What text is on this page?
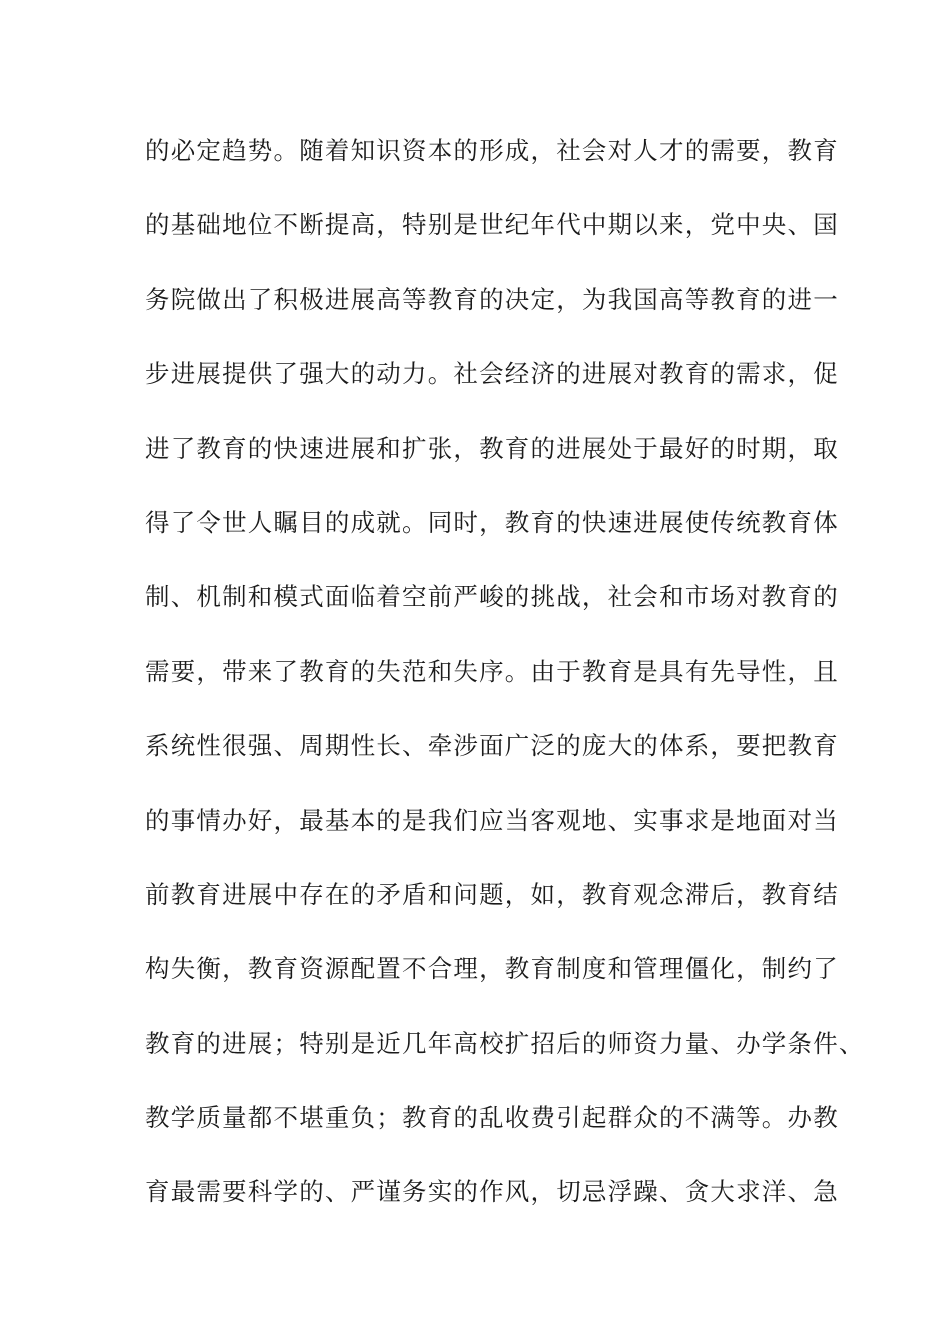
的必定趋势。随着知识资本的形成，社会对人才的需要，教育
的基础地位不断提高，特别是世纪年代中期以来，党中央、国
务院做出了积极进展高等教育的决定，为我国高等教育的进一
步进展提供了强大的动力。社会经济的进展对教育的需求，促
进了教育的快速进展和扩张，教育的进展处于最好的时期，取
得了令世人瞩目的成就。同时，教育的快速进展使传统教育体
制、机制和模式面临着空前严峻的挑战，社会和市场对教育的
需要，带来了教育的失范和失序。由于教育是具有先导性，且
系统性很强、周期性长、牵涉面广泛的庞大的体系，要把教育
的事情办好，最基本的是我们应当客观地、实事求是地面对当
前教育进展中存在的矛盾和问题，如，教育观念滞后，教育结
构失衡，教育资源配置不合理，教育制度和管理僵化，制约了
教育的进展；特别是近几年高校扩招后的师资力量、办学条件、
教学质量都不堪重负；教育的乱收费引起群众的不满等。办教
育最需要科学的、严谨务实的作风，切忌浮躁、贪大求洋、急
